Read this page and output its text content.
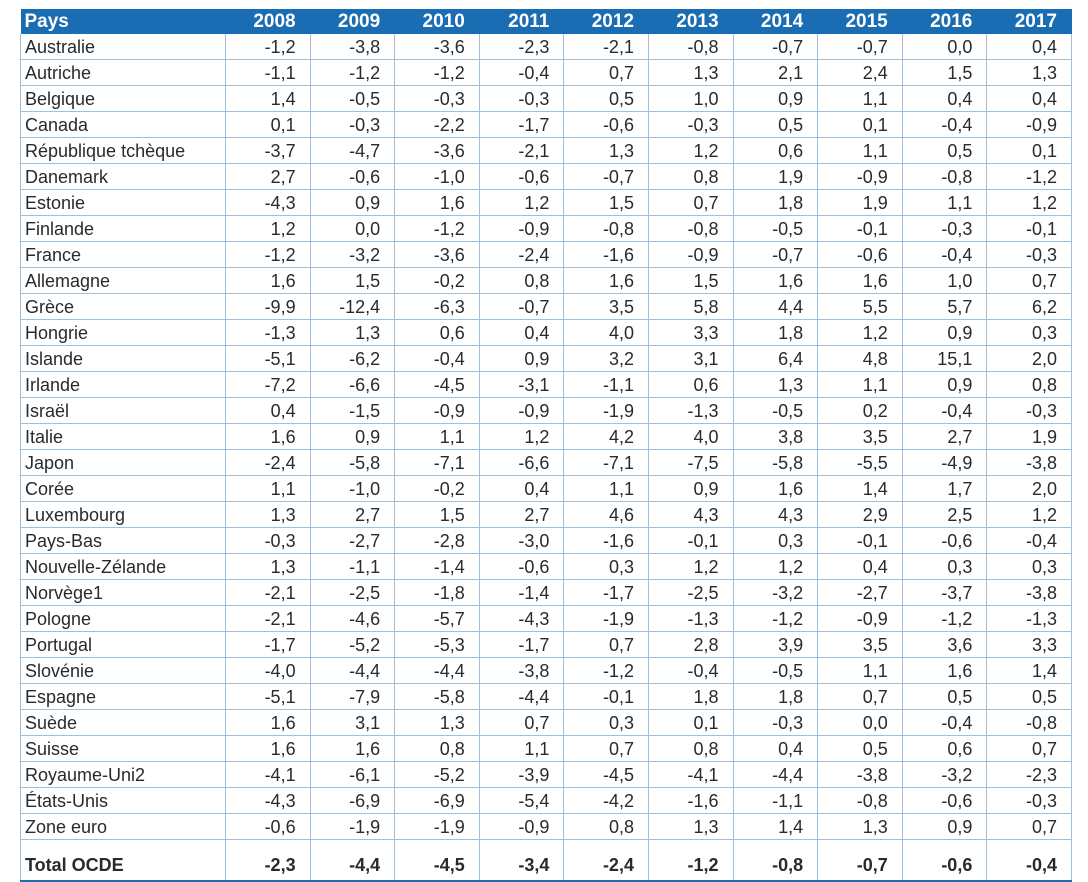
Pays	2008	2009	2010	2011	2012	2013	2014	2015	2016	2017
Australie	-1,2	-3,8	-3,6	-2,3	-2,1	-0,8	-0,7	-0,7	0,0	0,4
Autriche	-1,1	-1,2	-1,2	-0,4	0,7	1,3	2,1	2,4	1,5	1,3
Belgique	1,4	-0,5	-0,3	-0,3	0,5	1,0	0,9	1,1	0,4	0,4
Canada	0,1	-0,3	-2,2	-1,7	-0,6	-0,3	0,5	0,1	-0,4	-0,9
République tchèque	-3,7	-4,7	-3,6	-2,1	1,3	1,2	0,6	1,1	0,5	0,1
Danemark	2,7	-0,6	-1,0	-0,6	-0,7	0,8	1,9	-0,9	-0,8	-1,2
Estonie	-4,3	0,9	1,6	1,2	1,5	0,7	1,8	1,9	1,1	1,2
Finlande	1,2	0,0	-1,2	-0,9	-0,8	-0,8	-0,5	-0,1	-0,3	-0,1
France	-1,2	-3,2	-3,6	-2,4	-1,6	-0,9	-0,7	-0,6	-0,4	-0,3
Allemagne	1,6	1,5	-0,2	0,8	1,6	1,5	1,6	1,6	1,0	0,7
Grèce	-9,9	-12,4	-6,3	-0,7	3,5	5,8	4,4	5,5	5,7	6,2
Hongrie	-1,3	1,3	0,6	0,4	4,0	3,3	1,8	1,2	0,9	0,3
Islande	-5,1	-6,2	-0,4	0,9	3,2	3,1	6,4	4,8	15,1	2,0
Irlande	-7,2	-6,6	-4,5	-3,1	-1,1	0,6	1,3	1,1	0,9	0,8
Israël	0,4	-1,5	-0,9	-0,9	-1,9	-1,3	-0,5	0,2	-0,4	-0,3
Italie	1,6	0,9	1,1	1,2	4,2	4,0	3,8	3,5	2,7	1,9
Japon	-2,4	-5,8	-7,1	-6,6	-7,1	-7,5	-5,8	-5,5	-4,9	-3,8
Corée	1,1	-1,0	-0,2	0,4	1,1	0,9	1,6	1,4	1,7	2,0
Luxembourg	1,3	2,7	1,5	2,7	4,6	4,3	4,3	2,9	2,5	1,2
Pays-Bas	-0,3	-2,7	-2,8	-3,0	-1,6	-0,1	0,3	-0,1	-0,6	-0,4
Nouvelle-Zélande	1,3	-1,1	-1,4	-0,6	0,3	1,2	1,2	0,4	0,3	0,3
Norvège1	-2,1	-2,5	-1,8	-1,4	-1,7	-2,5	-3,2	-2,7	-3,7	-3,8
Pologne	-2,1	-4,6	-5,7	-4,3	-1,9	-1,3	-1,2	-0,9	-1,2	-1,3
Portugal	-1,7	-5,2	-5,3	-1,7	0,7	2,8	3,9	3,5	3,6	3,3
Slovénie	-4,0	-4,4	-4,4	-3,8	-1,2	-0,4	-0,5	1,1	1,6	1,4
Espagne	-5,1	-7,9	-5,8	-4,4	-0,1	1,8	1,8	0,7	0,5	0,5
Suède	1,6	3,1	1,3	0,7	0,3	0,1	-0,3	0,0	-0,4	-0,8
Suisse	1,6	1,6	0,8	1,1	0,7	0,8	0,4	0,5	0,6	0,7
Royaume-Uni2	-4,1	-6,1	-5,2	-3,9	-4,5	-4,1	-4,4	-3,8	-3,2	-2,3
États-Unis	-4,3	-6,9	-6,9	-5,4	-4,2	-1,6	-1,1	-0,8	-0,6	-0,3
Zone euro	-0,6	-1,9	-1,9	-0,9	0,8	1,3	1,4	1,3	0,9	0,7

Total OCDE	-2,3	-4,4	-4,5	-3,4	-2,4	-1,2	-0,8	-0,7	-0,6	-0,4
